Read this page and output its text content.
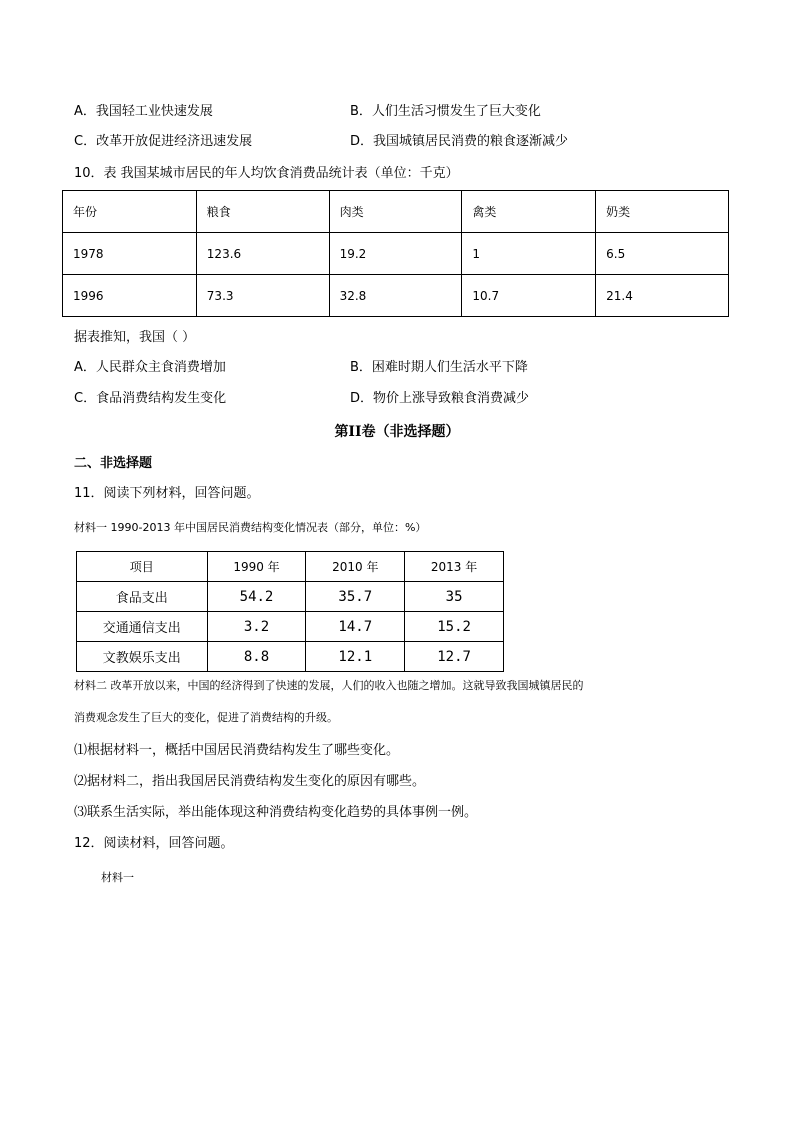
A．我国轻工业快速发展	B．人们生活习惯发生了巨大变化
C．改革开放促进经济迅速发展	D．我国城镇居民消费的粮食逐渐减少
10．表 我国某城市居民的年人均饮食消费品统计表（单位：千克）
年份	粮食	肉类	禽类	奶类
1978	123.6	19.2	1	6.5
1996	73.3	32.8	10.7	21.4
据表推知，我国（ ）
A．人民群众主食消费增加	B．困难时期人们生活水平下降
C．食品消费结构发生变化	D．物价上涨导致粮食消费减少
第II卷（非选择题）
二、非选择题
11．阅读下列材料，回答问题。
材料一 1990-2013 年中国居民消费结构变化情况表（部分，单位：%）
项目	1990 年	2010 年	2013 年
食品支出	54.2	35.7	35
交通通信支出	3.2	14.7	15.2
文教娱乐支出	8.8	12.1	12.7
材料二 改革开放以来，中国的经济得到了快速的发展，人们的收入也随之增加。这就导致我国城镇居民的
消费观念发生了巨大的变化，促进了消费结构的升级。
⑴根据材料一，概括中国居民消费结构发生了哪些变化。
⑵据材料二，指出我国居民消费结构发生变化的原因有哪些。
⑶联系生活实际，举出能体现这种消费结构变化趋势的具体事例一例。
12．阅读材料，回答问题。
材料一
